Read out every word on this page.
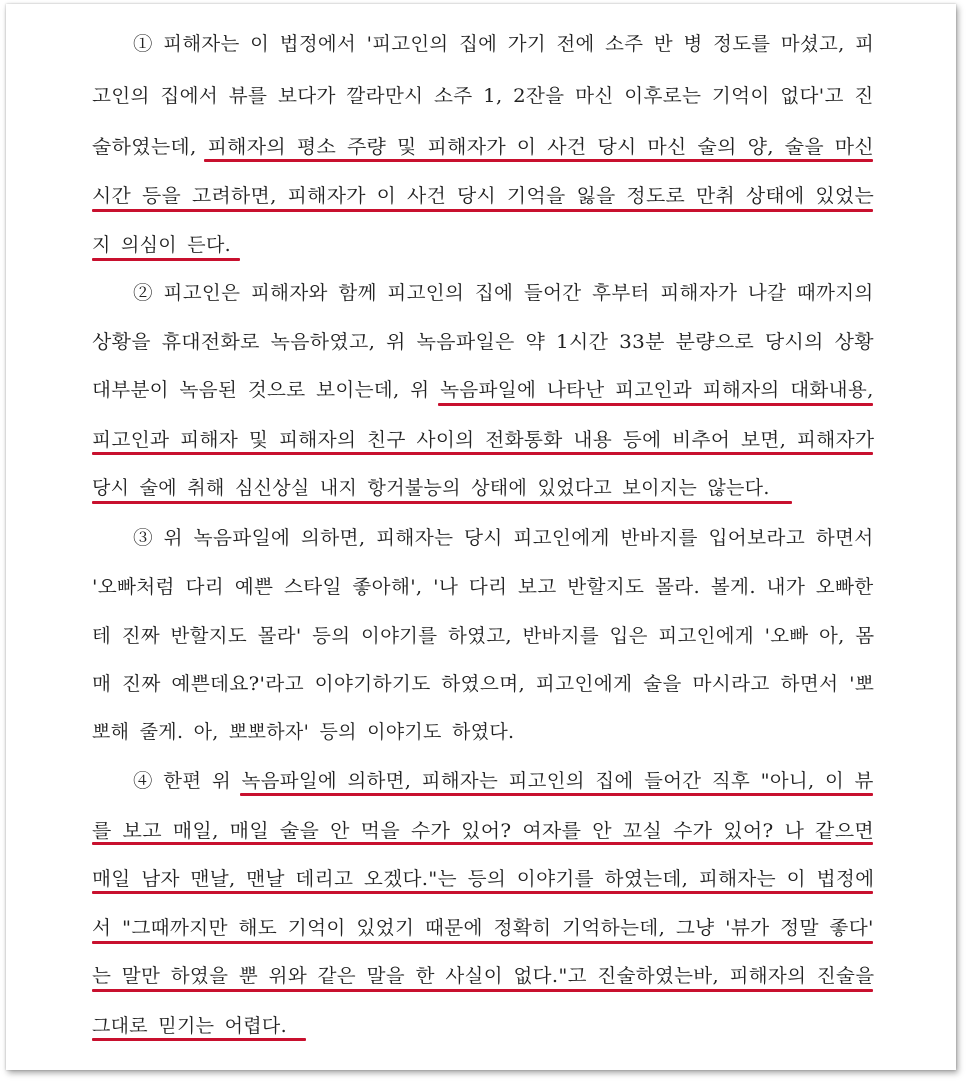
① 피해자는 이 법정에서 '피고인의 집에 가기 전에 소주 반 병 정도를 마셨고, 피
고인의 집에서 뷰를 보다가 깔라만시 소주 1, 2잔을 마신 이후로는 기억이 없다'고 진
술하였는데, 피해자의 평소 주량 및 피해자가 이 사건 당시 마신 술의 양, 술을 마신
시간 등을 고려하면, 피해자가 이 사건 당시 기억을 잃을 정도로 만취 상태에 있었는
지 의심이 든다.
② 피고인은 피해자와 함께 피고인의 집에 들어간 후부터 피해자가 나갈 때까지의
상황을 휴대전화로 녹음하였고, 위 녹음파일은 약 1시간 33분 분량으로 당시의 상황
대부분이 녹음된 것으로 보이는데, 위 녹음파일에 나타난 피고인과 피해자의 대화내용,
피고인과 피해자 및 피해자의 친구 사이의 전화통화 내용 등에 비추어 보면, 피해자가
당시 술에 취해 심신상실 내지 항거불능의 상태에 있었다고 보이지는 않는다.
③ 위 녹음파일에 의하면, 피해자는 당시 피고인에게 반바지를 입어보라고 하면서
'오빠처럼 다리 예쁜 스타일 좋아해', '나 다리 보고 반할지도 몰라. 볼게. 내가 오빠한
테 진짜 반할지도 몰라' 등의 이야기를 하였고, 반바지를 입은 피고인에게 '오빠 아, 몸
매 진짜 예쁜데요?'라고 이야기하기도 하였으며, 피고인에게 술을 마시라고 하면서 '뽀
뽀해 줄게. 아, 뽀뽀하자' 등의 이야기도 하였다.
④ 한편 위 녹음파일에 의하면, 피해자는 피고인의 집에 들어간 직후 "아니, 이 뷰
를 보고 매일, 매일 술을 안 먹을 수가 있어? 여자를 안 꼬실 수가 있어? 나 같으면
매일 남자 맨날, 맨날 데리고 오겠다."는 등의 이야기를 하였는데, 피해자는 이 법정에
서 "그때까지만 해도 기억이 있었기 때문에 정확히 기억하는데, 그냥 '뷰가 정말 좋다'
는 말만 하였을 뿐 위와 같은 말을 한 사실이 없다."고 진술하였는바, 피해자의 진술을
그대로 믿기는 어렵다.
